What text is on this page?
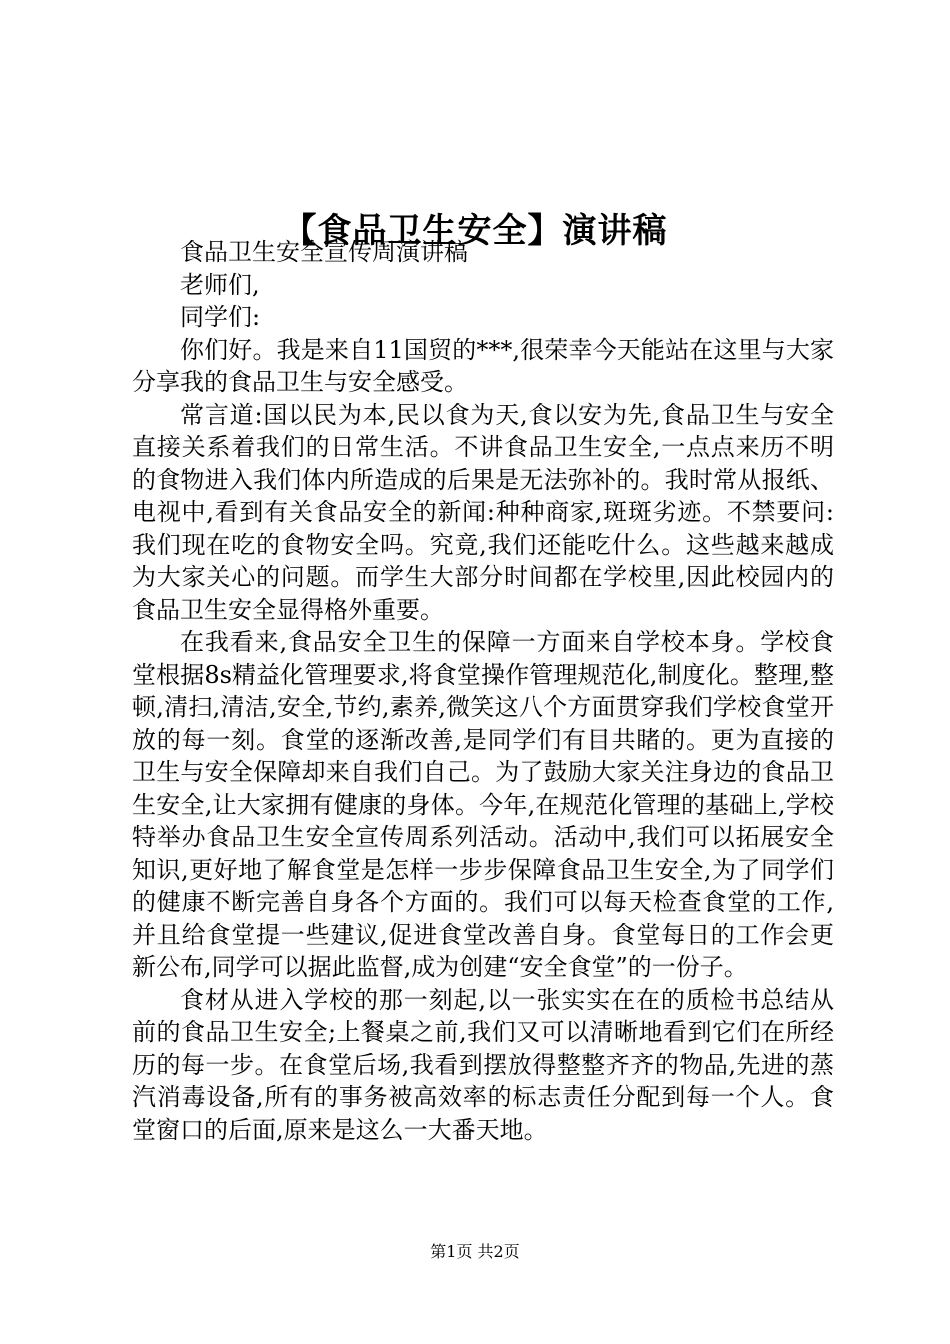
【食品卫生安全】演讲稿

食品卫生安全宣传周演讲稿

老师们,

同学们:

你们好。我是来自11国贸的***,很荣幸今天能站在这里与大家分享我的食品卫生与安全感受。

常言道:国以民为本,民以食为天,食以安为先,食品卫生与安全直接关系着我们的日常生活。不讲食品卫生安全,一点点来历不明的食物进入我们体内所造成的后果是无法弥补的。我时常从报纸、电视中,看到有关食品安全的新闻:种种商家,斑斑劣迹。不禁要问:我们现在吃的食物安全吗。究竟,我们还能吃什么。这些越来越成为大家关心的问题。而学生大部分时间都在学校里,因此校园内的食品卫生安全显得格外重要。

在我看来,食品安全卫生的保障一方面来自学校本身。学校食堂根据8s精益化管理要求,将食堂操作管理规范化,制度化。整理,整顿,清扫,清洁,安全,节约,素养,微笑这八个方面贯穿我们学校食堂开放的每一刻。食堂的逐渐改善,是同学们有目共睹的。更为直接的卫生与安全保障却来自我们自己。为了鼓励大家关注身边的食品卫生安全,让大家拥有健康的身体。今年,在规范化管理的基础上,学校特举办食品卫生安全宣传周系列活动。活动中,我们可以拓展安全知识,更好地了解食堂是怎样一步步保障食品卫生安全,为了同学们的健康不断完善自身各个方面的。我们可以每天检查食堂的工作,并且给食堂提一些建议,促进食堂改善自身。食堂每日的工作会更新公布,同学可以据此监督,成为创建“安全食堂”的一份子。

食材从进入学校的那一刻起,以一张实实在在的质检书总结从前的食品卫生安全;上餐桌之前,我们又可以清晰地看到它们在所经历的每一步。在食堂后场,我看到摆放得整整齐齐的物品,先进的蒸汽消毒设备,所有的事务被高效率的标志责任分配到每一个人。食堂窗口的后面,原来是这么一大番天地。

第1页 共2页
